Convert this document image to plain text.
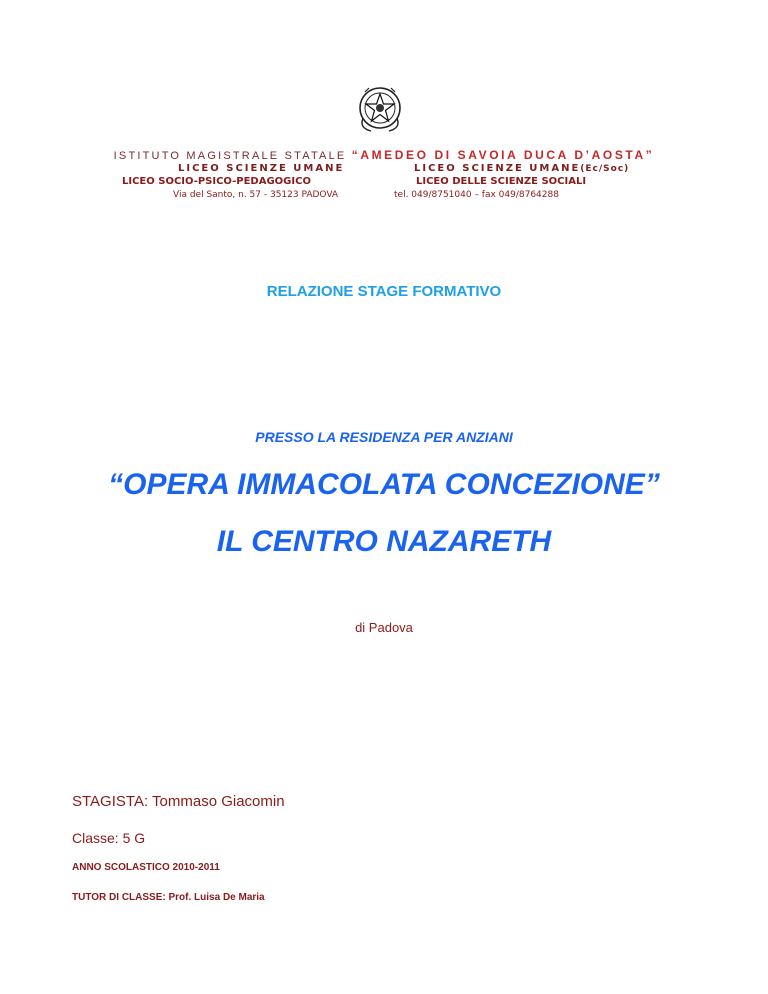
ISTITUTO MAGISTRALE STATALE “AMEDEO DI SAVOIA DUCA D’AOSTA”
LICEO SCIENZE UMANE	LICEO SCIENZE UMANE(Ec/Soc)
LICEO SOCIO-PSICO-PEDAGOGICO	LICEO DELLE SCIENZE SOCIALI
Via del Santo, n. 57 - 35123 PADOVA	tel. 049/8751040 – fax 049/8764288
RELAZIONE STAGE FORMATIVO
PRESSO LA RESIDENZA PER ANZIANI
“OPERA IMMACOLATA CONCEZIONE”
IL CENTRO NAZARETH
di Padova
STAGISTA: Tommaso Giacomin
Classe: 5 G
ANNO SCOLASTICO 2010-2011
TUTOR DI CLASSE: Prof. Luisa De Maria
